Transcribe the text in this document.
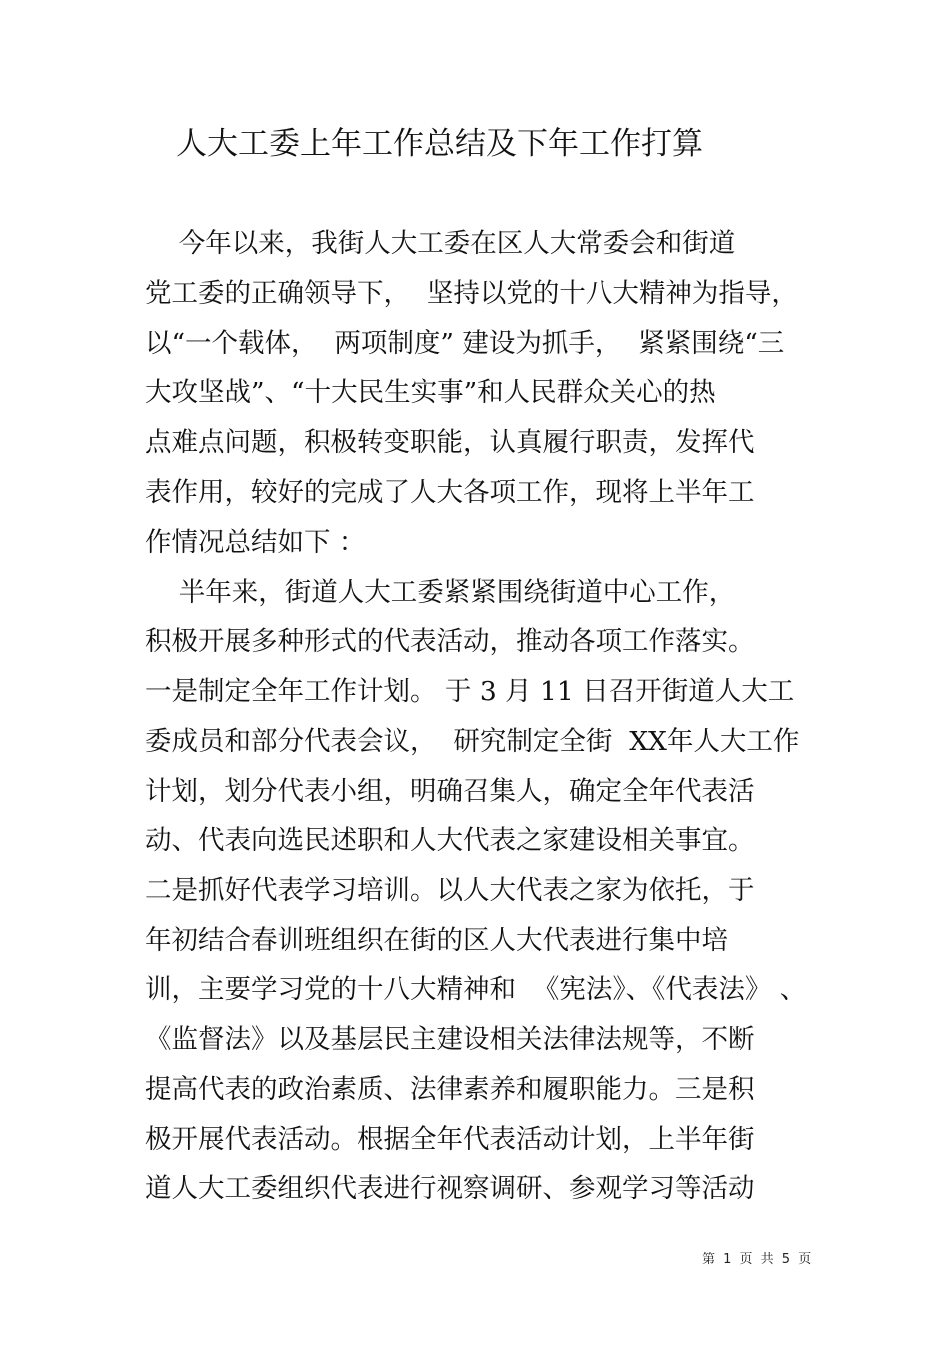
人大工委上年工作总结及下年工作打算

今年以来，我街人大工委在区人大常委会和街道

党工委的正确领导下，  坚持以党的十八大精神为指导，

以“一个载体，  两项制度” 建设为抓手，  紧紧围绕“三

大攻坚战”、“十大民生实事”和人民群众关心的热

点难点问题，积极转变职能，认真履行职责，发挥代

表作用，较好的完成了人大各项工作，现将上半年工

作情况总结如下 ：

半年来，街道人大工委紧紧围绕街道中心工作，

积极开展多种形式的代表活动，推动各项工作落实。

一是制定全年工作计划。 于 3 月 11 日召开街道人大工

委成员和部分代表会议，  研究制定全街  XX年人大工作

计划，划分代表小组，明确召集人，确定全年代表活

动、代表向选民述职和人大代表之家建设相关事宜。

二是抓好代表学习培训。以人大代表之家为依托，于

年初结合春训班组织在街的区人大代表进行集中培

训，主要学习党的十八大精神和  《宪法》、《代表法》 、

《监督法》以及基层民主建设相关法律法规等，不断

提高代表的政治素质、法律素养和履职能力。三是积

极开展代表活动。根据全年代表活动计划，上半年街

道人大工委组织代表进行视察调研、参观学习等活动

第 1 页 共 5 页
